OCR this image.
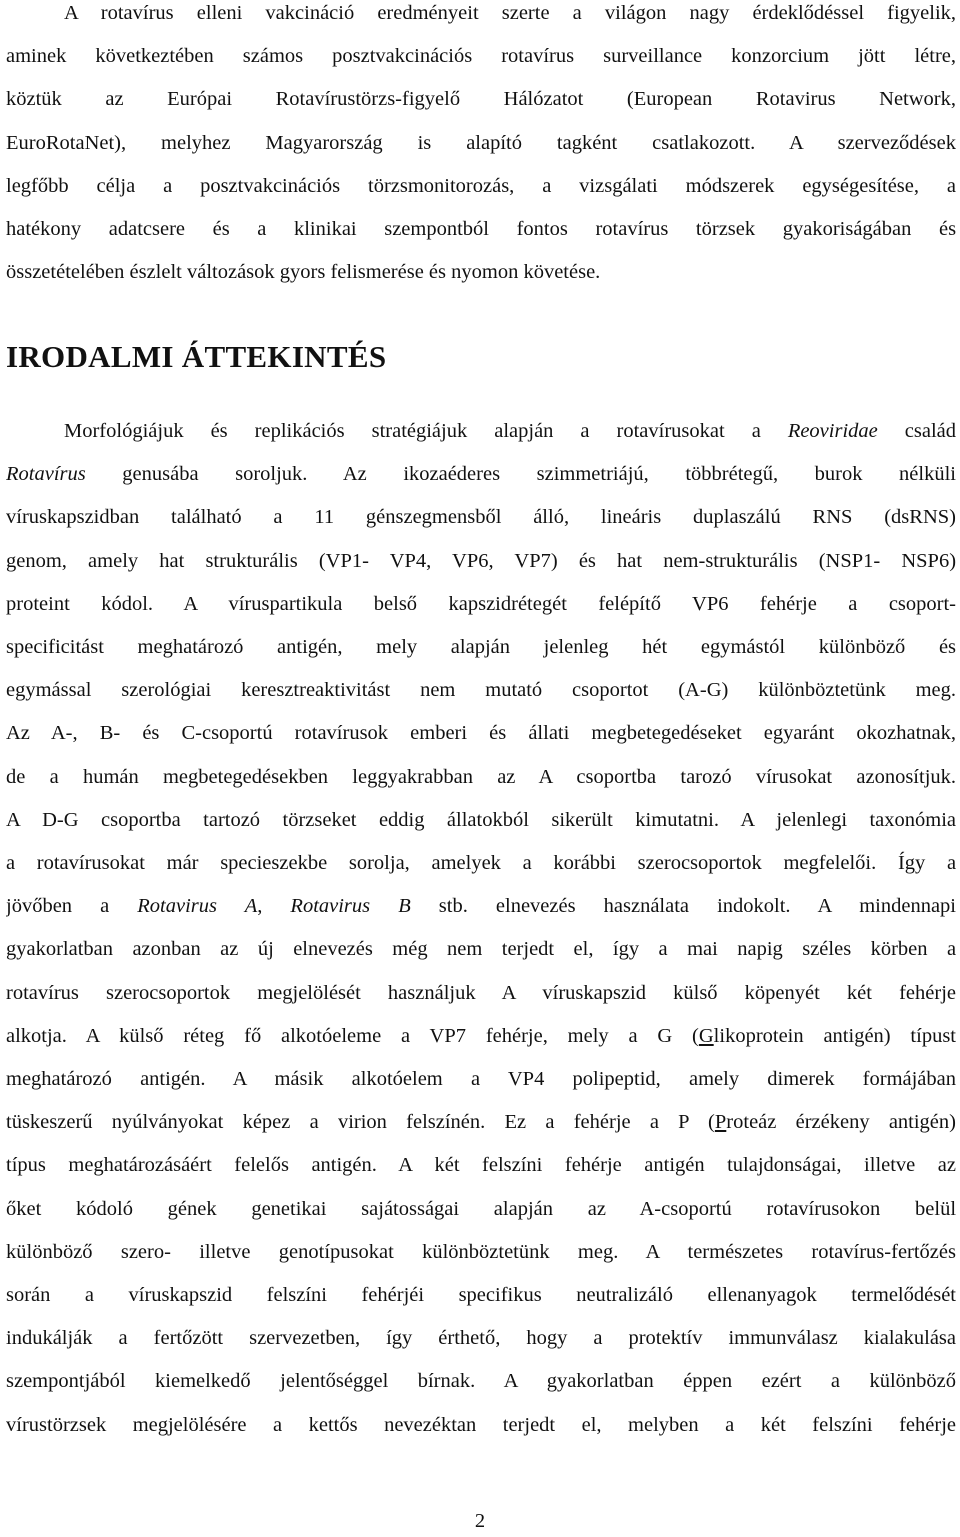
A rotavírus elleni vakcináció eredményeit szerte a világon nagy érdeklődéssel figyelik,
aminek következtében számos posztvakcinációs rotavírus surveillance konzorcium jött létre,
köztük az Európai Rotavírustörzs-figyelő Hálózatot (European Rotavirus Network,
EuroRotaNet), melyhez Magyarország is alapító tagként csatlakozott. A szerveződések
legfőbb célja a posztvakcinációs törzsmonitorozás, a vizsgálati módszerek egységesítése, a
hatékony adatcsere és a klinikai szempontból fontos rotavírus törzsek gyakoriságában és
összetételében észlelt változások gyors felismerése és nyomon követése.

IRODALMI ÁTTEKINTÉS

Morfológiájuk és replikációs stratégiájuk alapján a rotavírusokat a Reoviridae család
Rotavírus genusába soroljuk. Az ikozaéderes szimmetriájú, többrétegű, burok nélküli
víruskapszidban található a 11 génszegmensből álló, lineáris duplaszálú RNS (dsRNS)
genom, amely hat strukturális (VP1- VP4, VP6, VP7) és hat nem-strukturális (NSP1- NSP6)
proteint kódol. A víruspartikula belső kapszidrétegét felépítő VP6 fehérje a csoport-
specificitást meghatározó antigén, mely alapján jelenleg hét egymástól különböző és
egymással szerológiai keresztreaktivitást nem mutató csoportot (A-G) különböztetünk meg.
Az A-, B- és C-csoportú rotavírusok emberi és állati megbetegedéseket egyaránt okozhatnak,
de a humán megbetegedésekben leggyakrabban az A csoportba tarozó vírusokat azonosítjuk.
A D-G csoportba tartozó törzseket eddig állatokból sikerült kimutatni. A jelenlegi taxonómia
a rotavírusokat már specieszekbe sorolja, amelyek a korábbi szerocsoportok megfelelői. Így a
jövőben a Rotavirus A, Rotavirus B stb. elnevezés használata indokolt. A mindennapi
gyakorlatban azonban az új elnevezés még nem terjedt el, így a mai napig széles körben a
rotavírus szerocsoportok megjelölését használjuk A víruskapszid külső köpenyét két fehérje
alkotja. A külső réteg fő alkotóeleme a VP7 fehérje, mely a G (Glikoprotein antigén) típust
meghatározó antigén. A másik alkotóelem a VP4 polipeptid, amely dimerek formájában
tüskeszerű nyúlványokat képez a virion felszínén. Ez a fehérje a P (Proteáz érzékeny antigén)
típus meghatározásáért felelős antigén. A két felszíni fehérje antigén tulajdonságai, illetve az
őket kódoló gének genetikai sajátosságai alapján az A-csoportú rotavírusokon belül
különböző szero- illetve genotípusokat különböztetünk meg. A természetes rotavírus-fertőzés
során a víruskapszid felszíni fehérjéi specifikus neutralizáló ellenanyagok termelődését
indukálják a fertőzött szervezetben, így érthető, hogy a protektív immunválasz kialakulása
szempontjából kiemelkedő jelentőséggel bírnak. A gyakorlatban éppen ezért a különböző
vírustörzsek megjelölésére a kettős nevezéktan terjedt el, melyben a két felszíni fehérje

2
